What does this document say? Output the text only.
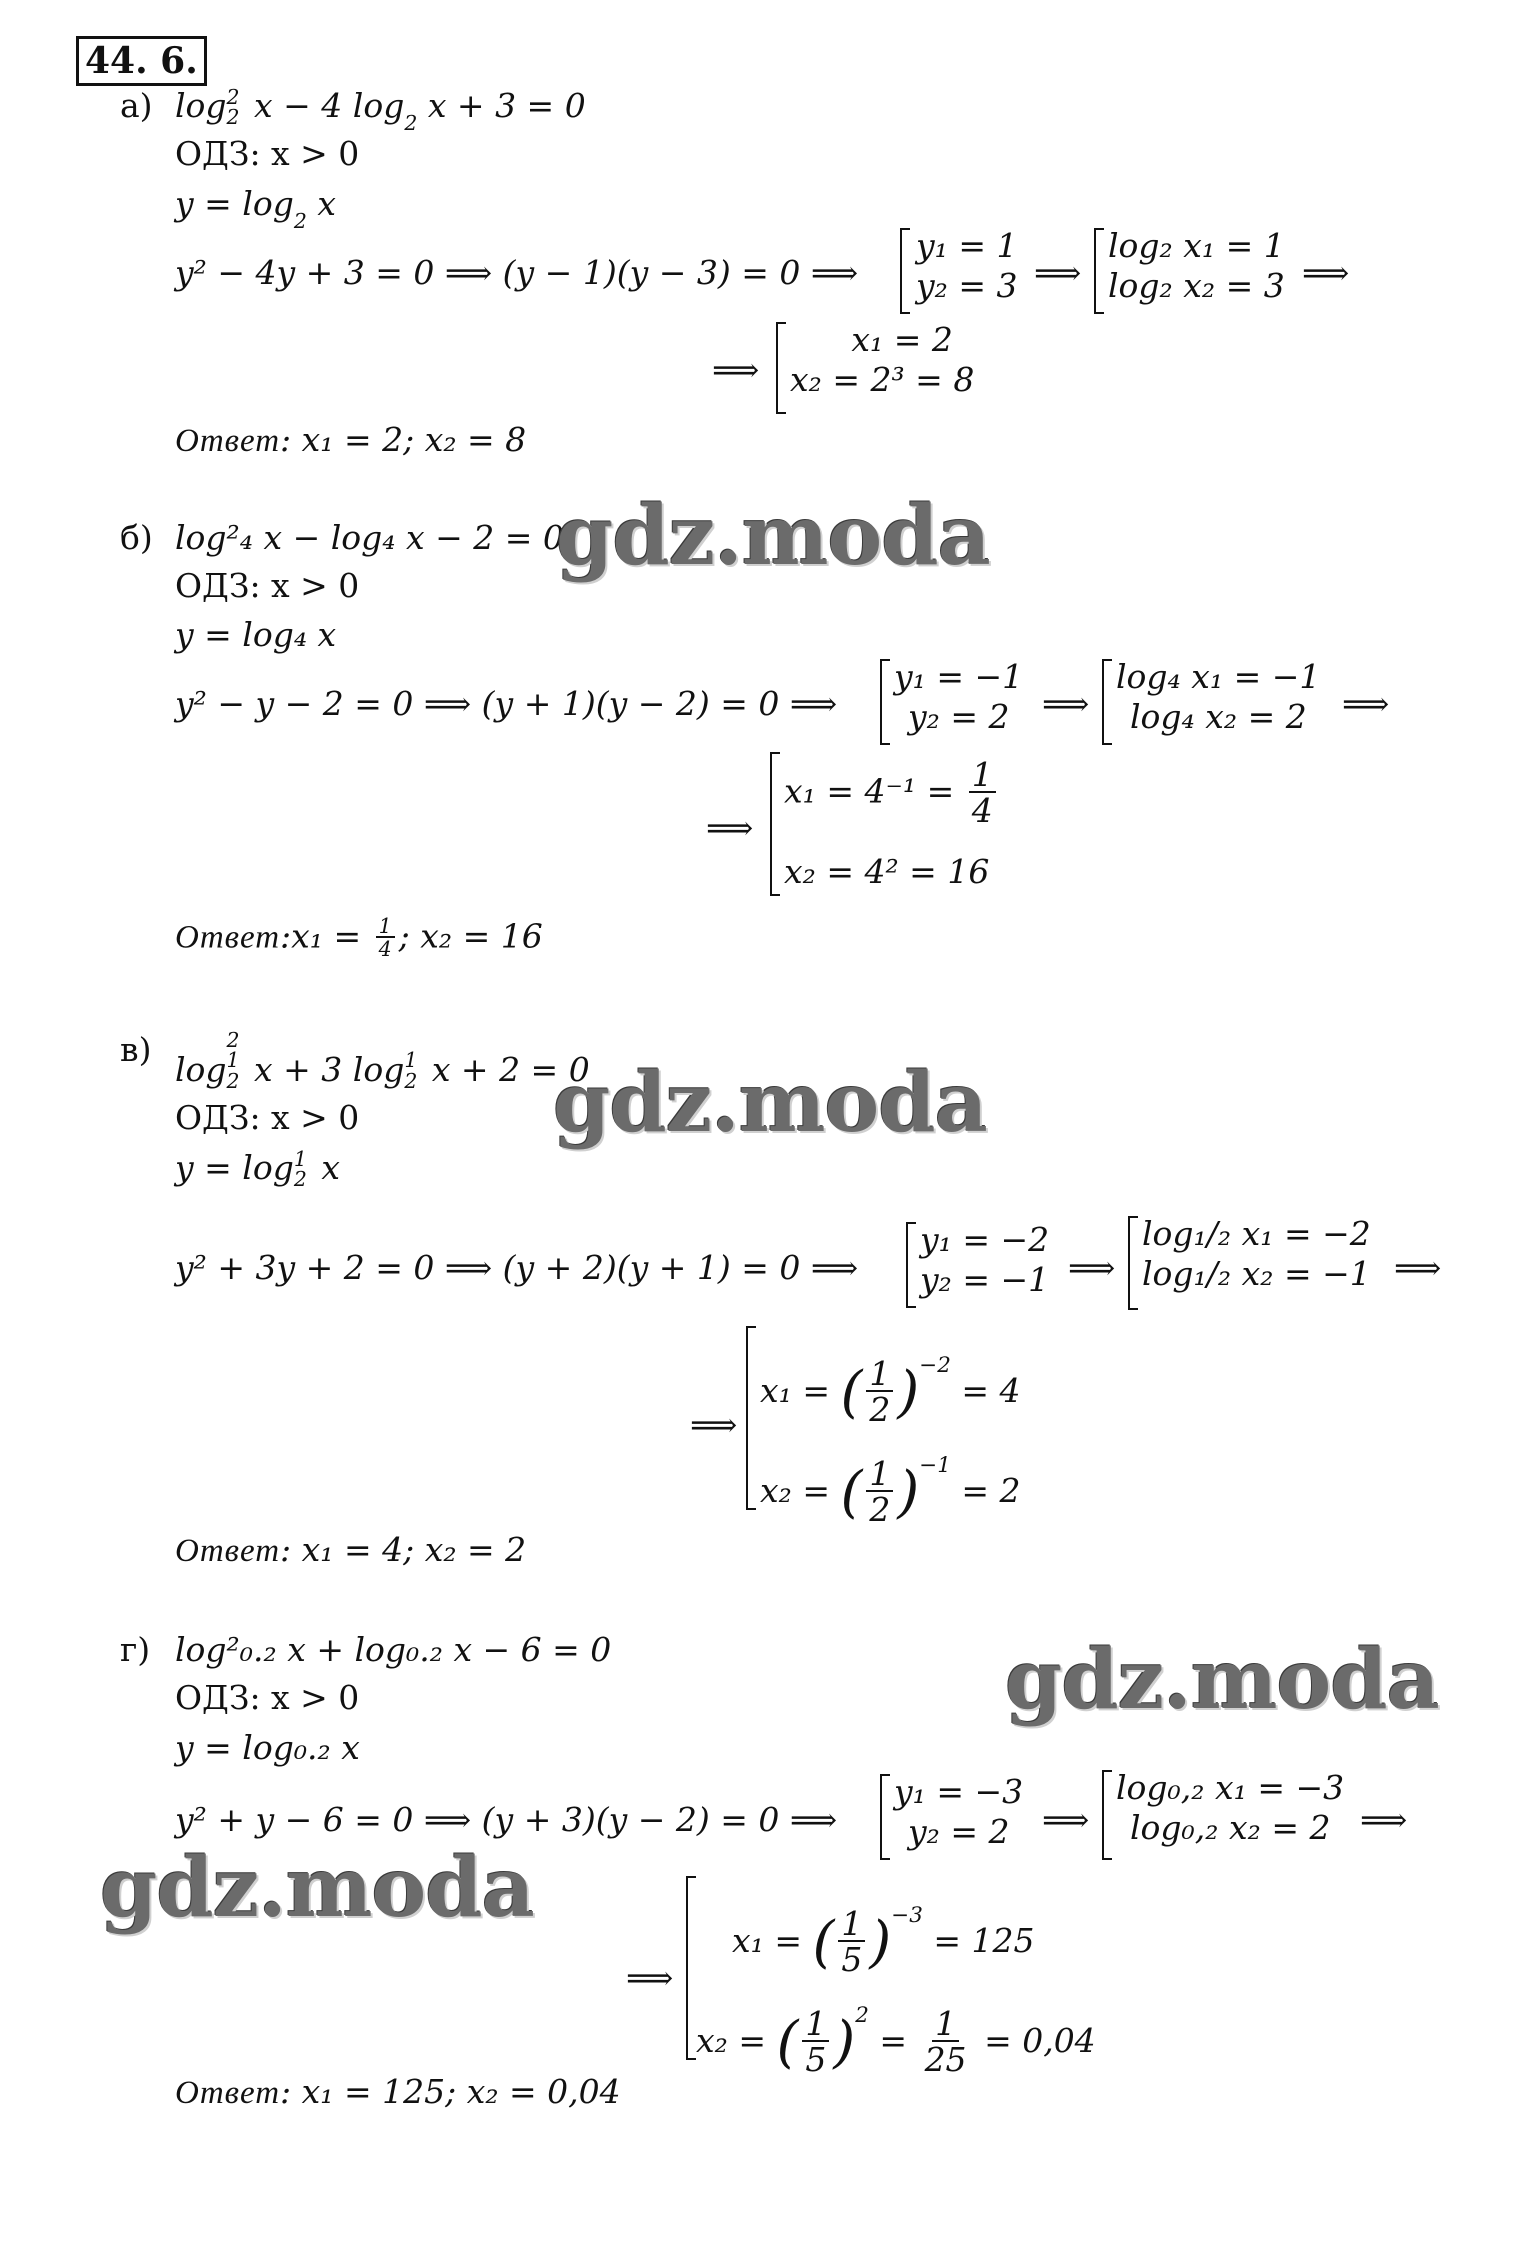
44. 6.
а) log 2
2 x − 4 $\log_2 x + 3 = 0$
ОДЗ: x > 0
$y = \log_2 x$
y² − 4y + 3 = 0 ⟹ (y − 1)(y − 3) = 0 ⟹
y₁ = 1
y₂ = 3 ⟹
log₂ x₁ = 1
log₂ x₂ = 3 ⟹
⟹
x₁ = 2
x₂ = 2³ = 8
Ответ: x₁ = 2; x₂ = 8
б) log²₄ x − log₄ x − 2 = 0
ОДЗ: x > 0
y = log₄ x
y² − y − 2 = 0 ⟹ (y + 1)(y − 2) = 0 ⟹
y₁ = −1
y₂ = 2 ⟹
log₄ x₁ = −1
log₄ x₂ = 2	⟹
⟹
$x_1 = 4^{-1} = \frac{1}{4}$
x₂ = 4² = 16
Ответ:x₁ = $\frac{1}{4}$ ; x₂ = 16
в)
log
2
1
2 x + 3 log 1
2 x + 2 = 0
ОДЗ: x > 0
y = log 1
2 x
y² + 3y + 2 = 0 ⟹ (y + 2)(y + 1) = 0 ⟹
y₁ = −2
y₂ = −1 ⟹
log₁/₂ x₁ = −2
log₁/₂ x₂ = −1 ⟹
⟹
x₁ = ( $\frac{1}{2} )-2 = 4$
x₂ = ( $\frac{1}{2} )-1 = 2$
Ответ: x₁ = 4; x₂ = 2
г) log²₀.₂ x + log₀.₂ x − 6 = 0
ОДЗ: x > 0
y = log₀.₂ x
y² + y − 6 = 0 ⟹ (y + 3)(y − 2) = 0 ⟹
y₁ = −3
y₂ = 2 ⟹
log₀,₂ x₁ = −3
log₀,₂ x₂ = 2 ⟹
⟹
x₁ = ( $\frac{1}{5} )-3 = 125$
x₂ = ( $\frac{1}{5} )2 = \frac{1}{25} = 0,04$
Ответ: x₁ = 125; x₂ = 0,04
gdz.moda
gdz.moda
gdz.moda
gdz.moda
